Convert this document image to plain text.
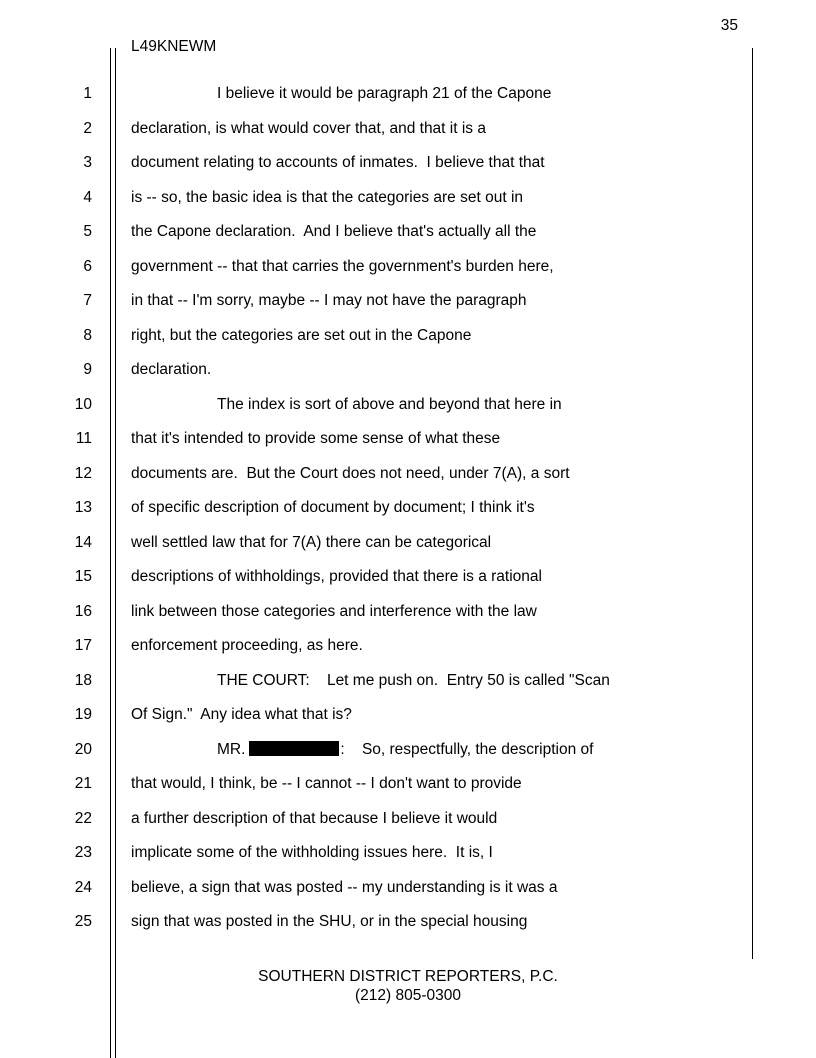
35
L49KNEWM
1	I believe it would be paragraph 21 of the Capone
2	declaration, is what would cover that, and that it is a
3	document relating to accounts of inmates.  I believe that that
4	is -- so, the basic idea is that the categories are set out in
5	the Capone declaration.  And I believe that's actually all the
6	government -- that that carries the government's burden here,
7	in that -- I'm sorry, maybe -- I may not have the paragraph
8	right, but the categories are set out in the Capone
9	declaration.
10	The index is sort of above and beyond that here in
11	that it's intended to provide some sense of what these
12	documents are.  But the Court does not need, under 7(A), a sort
13	of specific description of document by document; I think it's
14	well settled law that for 7(A) there can be categorical
15	descriptions of withholdings, provided that there is a rational
16	link between those categories and interference with the law
17	enforcement proceeding, as here.
18	THE COURT:    Let me push on.  Entry 50 is called "Scan
19	Of Sign."  Any idea what that is?
20	MR.	:    So, respectfully, the description of
21	that would, I think, be -- I cannot -- I don't want to provide
22	a further description of that because I believe it would
23	implicate some of the withholding issues here.  It is, I
24	believe, a sign that was posted -- my understanding is it was a
25	sign that was posted in the SHU, or in the special housing
SOUTHERN DISTRICT REPORTERS, P.C.
(212) 805-0300
